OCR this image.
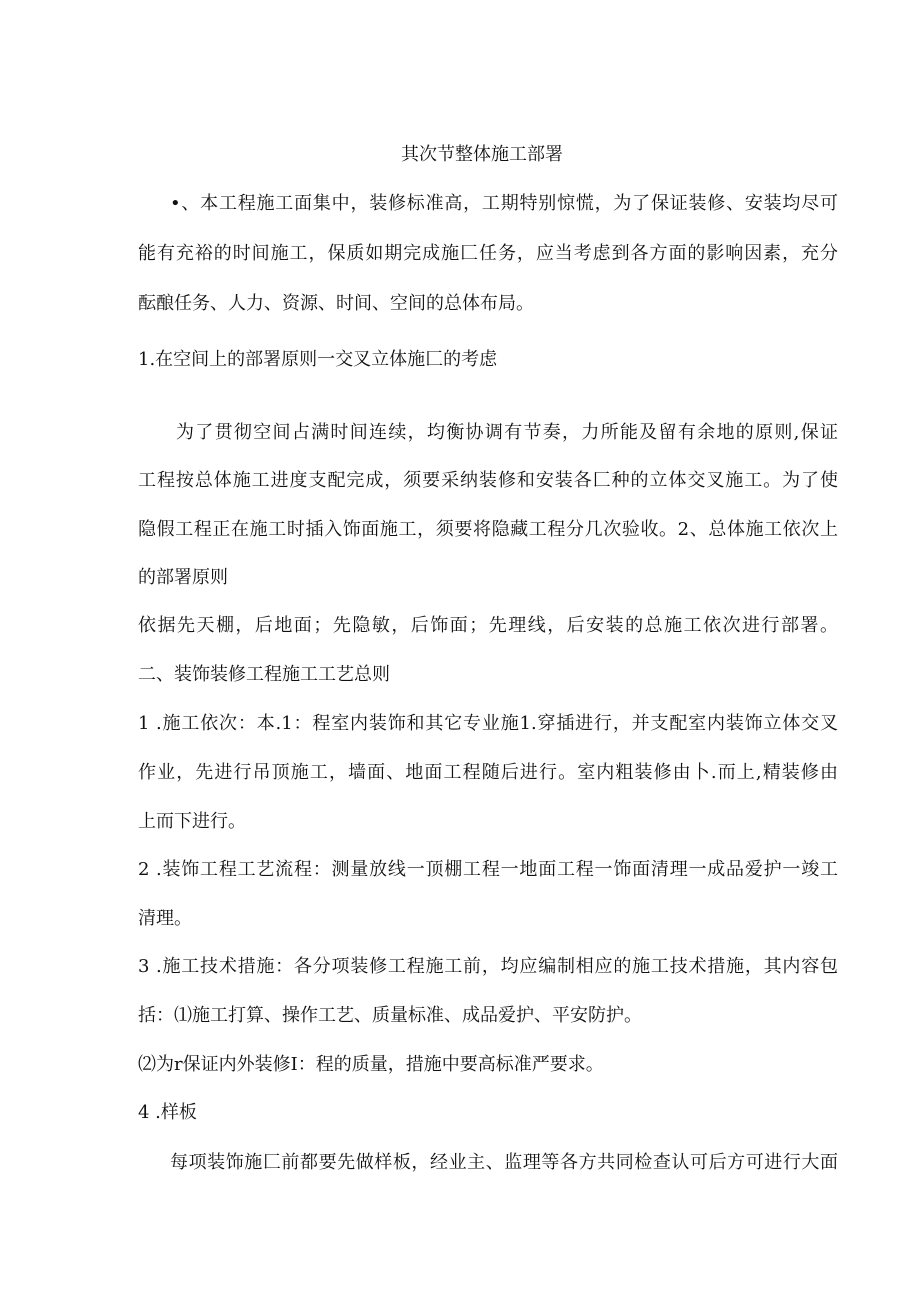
其次节整体施工部署
•、本工程施工面集中，装修标准高，工期特别惊慌，为了保证装修、安装均尽可
能有充裕的时间施工，保质如期完成施匚任务，应当考虑到各方面的影响因素，充分
酝酿任务、人力、资源、时间、空间的总体布局。
1.在空间上的部署原则一交叉立体施匚的考虑
为了贯彻空间占满时间连续，均衡协调有节奏，力所能及留有余地的原则,保证
工程按总体施工进度支配完成，须要采纳装修和安装各匚种的立体交叉施工。为了使
隐假工程正在施工时插入饰面施工，须要将隐藏工程分几次验收。2、总体施工依次上
的部署原则
依据先天棚，后地面；先隐敏，后饰面；先理线，后安装的总施工依次进行部署。
二、装饰装修工程施工工艺总则
1 .施工依次：本.1：程室内装饰和其它专业施1.穿插进行，并支配室内装饰立体交叉
作业，先进行吊顶施工，墙面、地面工程随后进行。室内粗装修由卜.而上,精装修由
上而下进行。
2 .装饰工程工艺流程：测量放线一顶棚工程一地面工程一饰面清理一成品爱护一竣工
清理。
3 .施工技术措施：各分项装修工程施工前，均应编制相应的施工技术措施，其内容包
括：⑴施工打算、操作工艺、质量标准、成品爱护、平安防护。
⑵为r保证内外装修I：程的质量，措施中要高标准严要求。
4 .样板
每项装饰施匚前都要先做样板，经业主、监理等各方共同检查认可后方可进行大面
